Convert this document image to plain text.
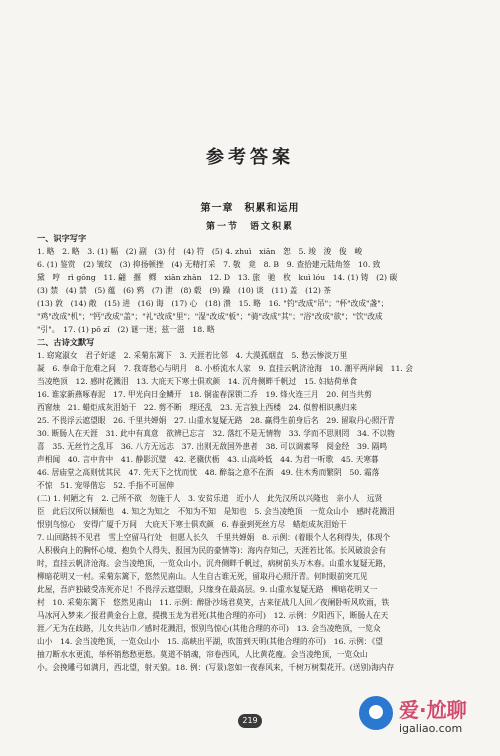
参考答案
第一章　积累和运用
第一节　语文积累
一、识字写字
1. 略　2. 略　3. (1) 幅　(2) 副　(3) 付　(4) 符　(5) 4. zhuì　xiān　恕　5. 竣　浚　俊　峻
6. (1) 鉴赏　(2) 皱纹　(3) 抑扬顿挫　(4) 无精打采　7. 敬　竟　8. B　9. 查拾建元陆角签　10. 致
黛　哼　rì gōng　11. 翩　揠　鳏　xiān zhān　12. D　13. 旅　驰　枚　kuì lóu　14. (1) 铸　(2) 碳
(3) 禁　(4) 禁　(5) 蕴　(6) 鸦　(7) 泄　(8) 毂　(9) 躁　(10) 谈　(11) 盖　(12) 茶
(13) 敦　(14) 敞　(15) 进　(16) 诲　(17) 心　(18) 溃　15. 略　16. "钓"改成"吊"；"杯"改成"盏"；
"鸡"改成"机"；"钙"改成"盖"；"礼"改成"里"；"湿"改成"板"；"骑"改成"其"；"浴"改成"欲"；"饮"改成
"引"。　17. (1) pǒ zǐ　(2) 谜一迷；兹一滋　18. 略
二、古诗文默写
1. 窈窕淑女　君子好逑　2. 采菊东篱下　3. 天涯若比邻　4. 大漠孤烟直　5. 愁云惨淡万里
凝　6. 奉命于危难之间　7. 我寄愁心与明月　8. 小桥流水人家　9. 直挂云帆济沧海　10. 潮平两岸阔　11. 会
当凌绝顶　12. 感时花溅泪　13. 大庇天下寒士俱欢颜　14. 沉舟侧畔千帆过　15. 妇姑荷单食
16. 谁家新燕啄春泥　17. 甲光向日金鳞开　18. 铜雀春深锁二乔　19. 烽火连三月　20. 何当共剪
西窗烛　21. 蜡炬成灰泪始干　22. 剪不断　理还乱　23. 无言独上西楼　24. 似曾相识燕归来
25. 不畏浮云遮望眼　26. 千里共婵娟　27. 山重水复疑无路　28. 赢得生前身后名　29. 留取丹心照汗青
30. 断肠人在天涯　31. 此中有真意　欲辨已忘言　32. 落红不是无情物　33. 学而不思则罔　34. 不以物
喜　35. 无丝竹之乱耳　36. 八方无远志　37. 出则无敌国外患者　38. 可以调素琴　阅金经　39. 隔鸣
声相闻　40. 言中肯中　41. 静影沉璧　42. 老骥伏枥　43. 山高岭低　44. 为君一听歌　45. 天寒暮
46. 居庙堂之高则忧其民　47. 先天下之忧而忧　48. 醉翁之意不在酒　49. 住木秀而繁阴　50. 霜落
不惊　51. 宠辱偕忘　52. 手指不可屈伸
(二) 1. 何陋之有　2. 己所不欲　勿施于人　3. 安贫乐道　近小人　此先汉所以兴隆也　亲小人　远贤
臣　此后汉所以倾颓也　4. 知之为知之　不知为不知　是知也　5. 会当凌绝顶　一览众山小　感时花溅泪
恨别鸟惊心　安得广厦千万间　大庇天下寒士俱欢颜　6. 春蚕到死丝方尽　蜡炬成灰泪始干
7. 山回路转不见君　雪上空留马行处　但愿人长久　千里共婵娟　8. 示例：(着眼个人名利得失，体现个
人积极向上的胸怀心境、抱负个人得失、报国为民的豪情等)：海内存知己，天涯若比邻。长风破浪会有
时，直挂云帆济沧海。会当凌绝顶，一览众山小。沉舟侧畔千帆过，病树前头万木春。山重水复疑无路，
柳暗花明又一村。采菊东篱下，悠然见南山。人生自古谁无死，留取丹心照汗青。何时眼前突兀见
此屋，吾庐独破受冻死亦足！不畏浮云遮望眼，只缘身在最高层。9. 山重水复疑无路　柳暗花明又一
村　10. 采菊东篱下　悠然见南山　11. 示例：醉卧沙场君莫笑，古来征战几人回／夜阑卧听风吹雨，铁
马冰河入梦来／报君黄金台上意，提携玉龙为君死(其他合理的亦可)　12. 示例：夕阳西下，断肠人在天
涯／无为在歧路，儿女共沾巾／感时花溅泪，恨别鸟惊心(其他合理的亦可)　13. 会当凌绝顶，一览众
山小　14. 会当凌绝顶，一览众山小　15. 高峡出平湖，吹笛到天明(其他合理的亦可)　16. 示例：《望
抽刀断水水更流，举杯销愁愁更愁。莫道不销魂，帘卷西风，人比黄花瘦。会当凌绝顶，一览众山
小。会挽雕弓如满月，西北望，射天狼。18. 例：(写景)忽如一夜春风来，千树万树梨花开。(送别)海内存
219	爱·尬聊
igaliao.com
